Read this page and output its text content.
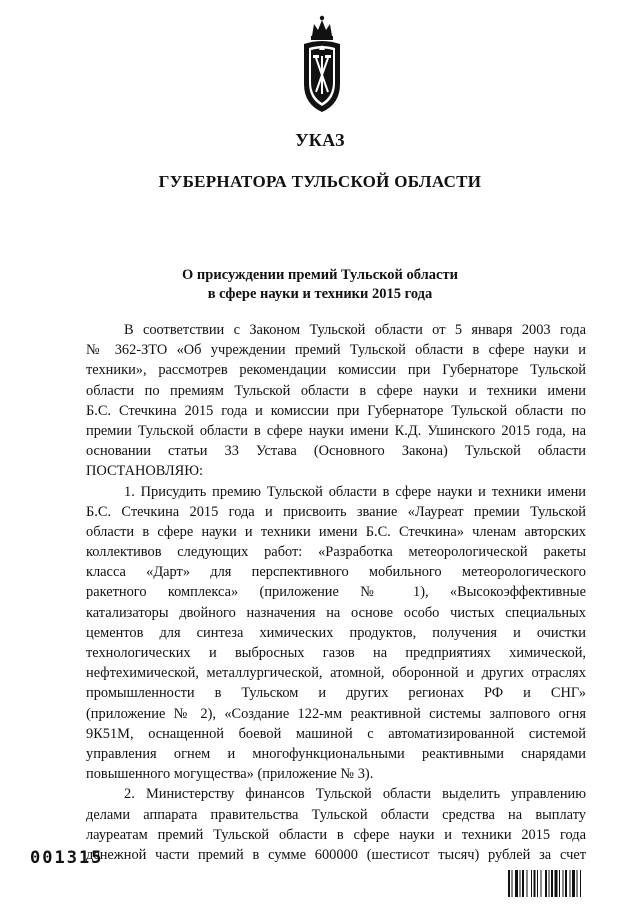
УКАЗ
ГУБЕРНАТОРА ТУЛЬСКОЙ ОБЛАСТИ
О присуждении премий Тульской области
в сфере науки и техники 2015 года
В соответствии с Законом Тульской области от 5 января 2003 года
№ 362-ЗТО «Об учреждении премий Тульской области в сфере науки и
техники», рассмотрев рекомендации комиссии при Губернаторе Тульской
области по премиям Тульской области в сфере науки и техники имени
Б.С. Стечкина 2015 года и комиссии при Губернаторе Тульской области по
премии Тульской области в сфере науки имени К.Д. Ушинского 2015 года, на
основании статьи 33 Устава (Основного Закона) Тульской области
ПОСТАНОВЛЯЮ:
1. Присудить премию Тульской области в сфере науки и техники имени
Б.С. Стечкина 2015 года и присвоить звание «Лауреат премии Тульской
области в сфере науки и техники имени Б.С. Стечкина» членам авторских
коллективов следующих работ: «Разработка метеорологической ракеты
класса «Дарт» для перспективного мобильного метеорологического
ракетного комплекса» (приложение № 1), «Высокоэффективные
катализаторы двойного назначения на основе особо чистых специальных
цементов для синтеза химических продуктов, получения и очистки
технологических и выбросных газов на предприятиях химической,
нефтехимической, металлургической, атомной, оборонной и других отраслях
промышленности в Тульском и других регионах РФ и СНГ»
(приложение № 2), «Создание 122-мм реактивной системы залпового огня
9К51М, оснащенной боевой машиной с автоматизированной системой
управления огнем и многофункциональными реактивными снарядами
повышенного могущества» (приложение № 3).
2. Министерству финансов Тульской области выделить управлению
делами аппарата правительства Тульской области средства на выплату
лауреатам премий Тульской области в сфере науки и техники 2015 года
денежной части премий в сумме 600000 (шестисот тысяч) рублей за счет
001315
